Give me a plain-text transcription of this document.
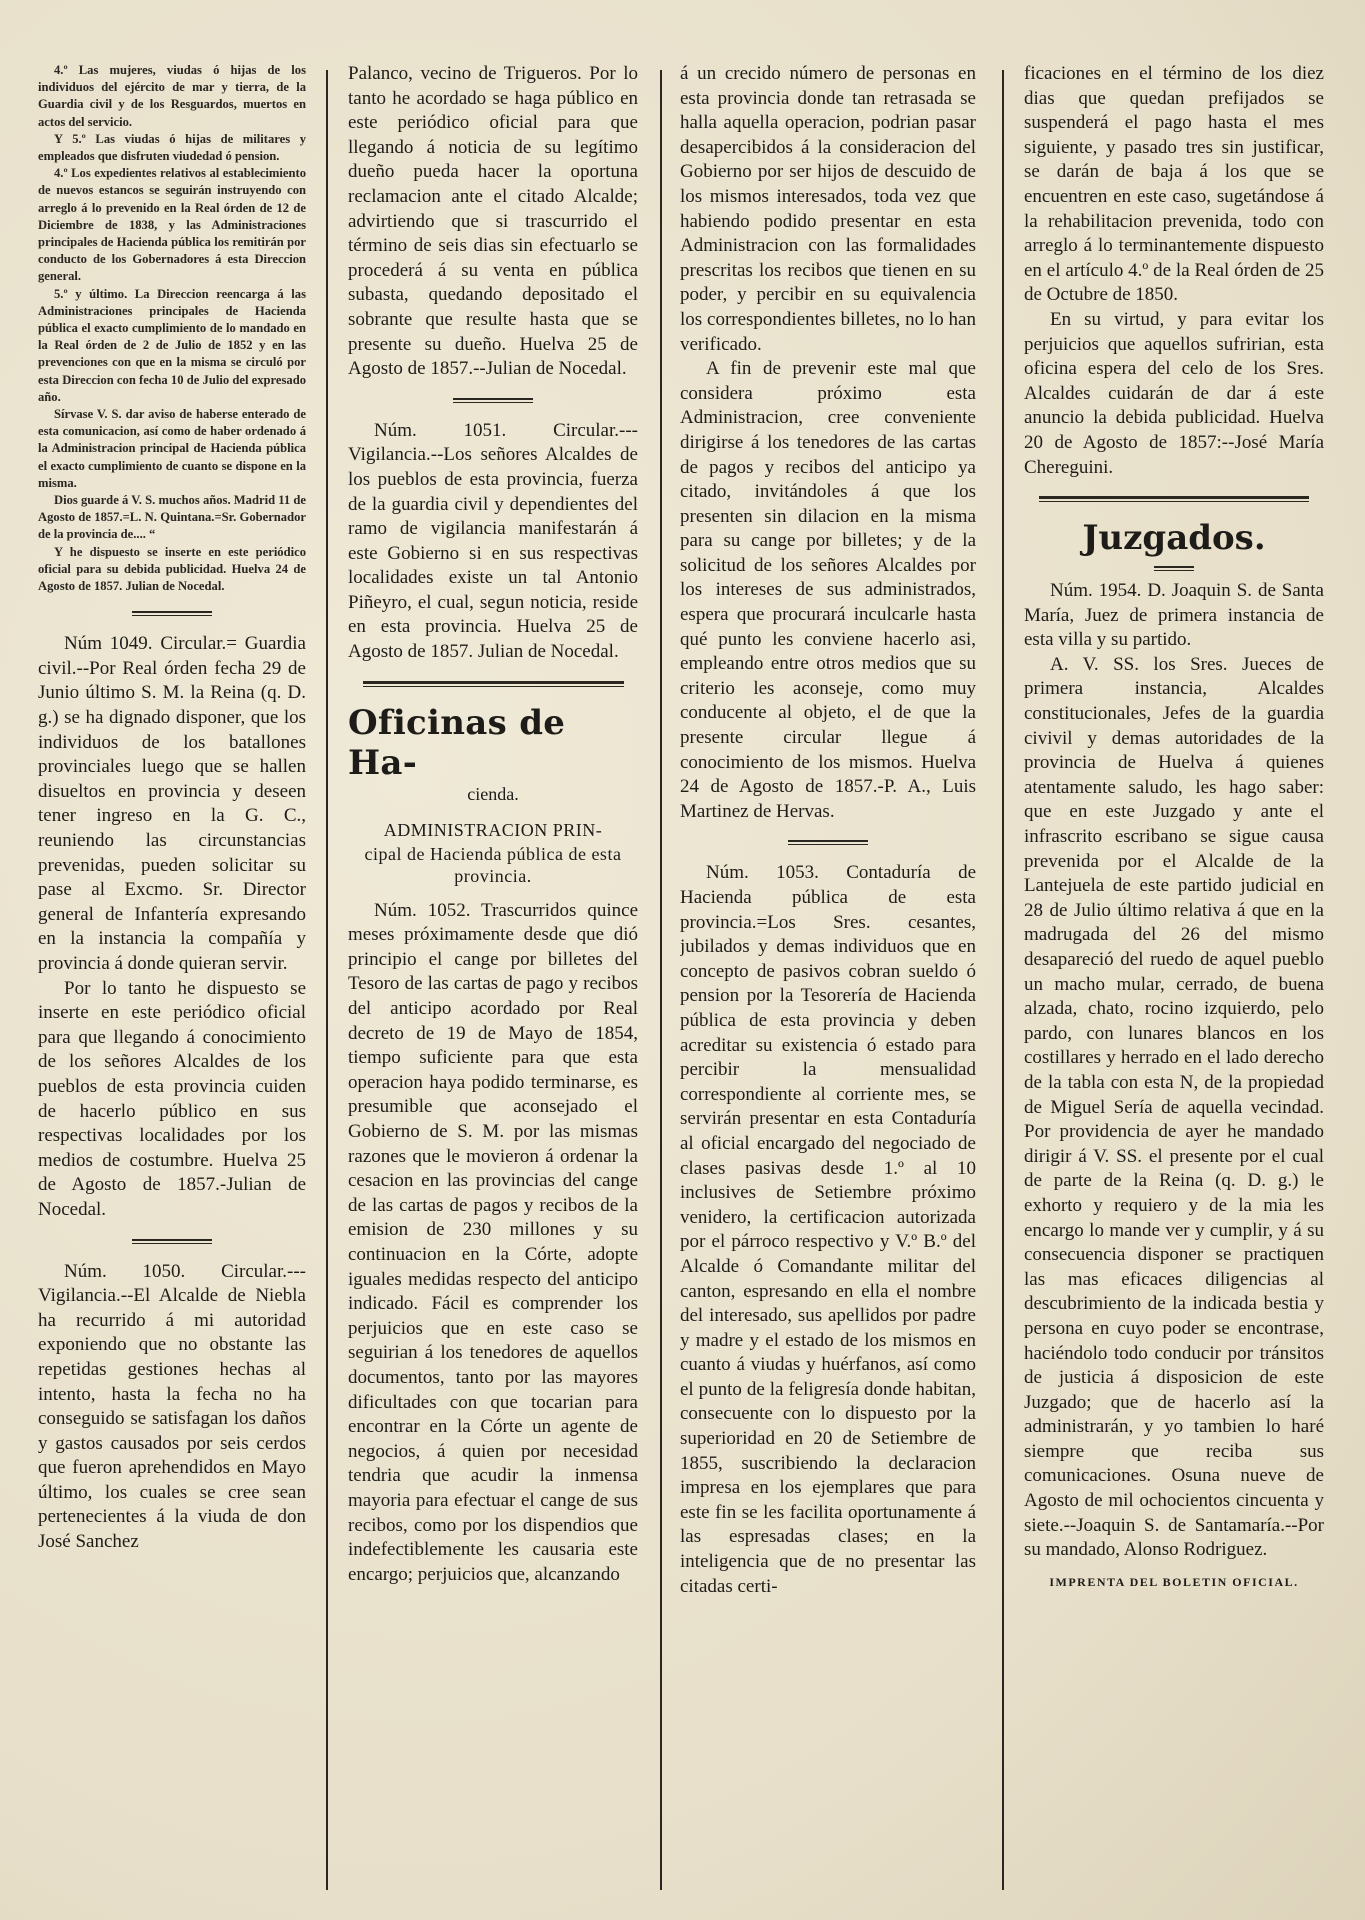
4.º Las mujeres, viudas ó hijas de los individuos del ejército de mar y tierra, de la Guardia civil y de los Resguardos, muertos en actos del servicio.

Y 5.º Las viudas ó hijas de militares y empleados que disfruten viudedad ó pension.

4.º Los expedientes relativos al establecimiento de nuevos estancos se seguirán instruyendo con arreglo á lo prevenido en la Real órden de 12 de Diciembre de 1838, y las Administraciones principales de Hacienda pública los remitirán por conducto de los Gobernadores á esta Direccion general.

5.º y último. La Direccion reencarga á las Administraciones principales de Hacienda pública el exacto cumplimiento de lo mandado en la Real órden de 2 de Julio de 1852 y en las prevenciones con que en la misma se circuló por esta Direccion con fecha 10 de Julio del expresado año.

Sírvase V. S. dar aviso de haberse enterado de esta comunicacion, así como de haber ordenado á la Administracion principal de Hacienda pública el exacto cumplimiento de cuanto se dispone en la misma.

Dios guarde á V. S. muchos años. Madrid 11 de Agosto de 1857.=L. N. Quintana.=Sr. Gobernador de la provincia de.... “

Y he dispuesto se inserte en este periódico oficial para su debida publicidad. Huelva 24 de Agosto de 1857. Julian de Nocedal.

Núm 1049. Circular.= Guardia civil.--Por Real órden fecha 29 de Junio último S. M. la Reina (q. D. g.) se ha dignado disponer, que los individuos de los batallones provinciales luego que se hallen disueltos en provincia y deseen tener ingreso en la G. C., reuniendo las circunstancias prevenidas, pueden solicitar su pase al Excmo. Sr. Director general de Infantería expresando en la instancia la compañía y provincia á donde quieran servir.

Por lo tanto he dispuesto se inserte en este periódico oficial para que llegando á conocimiento de los señores Alcaldes de los pueblos de esta provincia cuiden de hacerlo público en sus respectivas localidades por los medios de costumbre. Huelva 25 de Agosto de 1857.-Julian de Nocedal.

Núm. 1050. Circular.--- Vigilancia.--El Alcalde de Niebla ha recurrido á mi autoridad exponiendo que no obstante las repetidas gestiones hechas al intento, hasta la fecha no ha conseguido se satisfagan los daños y gastos causados por seis cerdos que fueron aprehendidos en Mayo último, los cuales se cree sean pertenecientes á la viuda de don José Sanchez

Palanco, vecino de Trigueros. Por lo tanto he acordado se haga público en este periódico oficial para que llegando á noticia de su legítimo dueño pueda hacer la oportuna reclamacion ante el citado Alcalde; advirtiendo que si trascurrido el término de seis dias sin efectuarlo se procederá á su venta en pública subasta, quedando depositado el sobrante que resulte hasta que se presente su dueño. Huelva 25 de Agosto de 1857.--Julian de Nocedal.

Núm. 1051. Circular.--- Vigilancia.--Los señores Alcaldes de los pueblos de esta provincia, fuerza de la guardia civil y dependientes del ramo de vigilancia manifestarán á este Gobierno si en sus respectivas localidades existe un tal Antonio Piñeyro, el cual, segun noticia, reside en esta provincia. Huelva 25 de Agosto de 1857. Julian de Nocedal.

Oficinas de Ha-
cienda.
ADMINISTRACION PRIN-
cipal de Hacienda pública de esta provincia.

Núm. 1052. Trascurridos quince meses próximamente desde que dió principio el cange por billetes del Tesoro de las cartas de pago y recibos del anticipo acordado por Real decreto de 19 de Mayo de 1854, tiempo suficiente para que esta operacion haya podido terminarse, es presumible que aconsejado el Gobierno de S. M. por las mismas razones que le movieron á ordenar la cesacion en las provincias del cange de las cartas de pagos y recibos de la emision de 230 millones y su continuacion en la Córte, adopte iguales medidas respecto del anticipo indicado. Fácil es comprender los perjuicios que en este caso se seguirian á los tenedores de aquellos documentos, tanto por las mayores dificultades con que tocarian para encontrar en la Córte un agente de negocios, á quien por necesidad tendria que acudir la inmensa mayoria para efectuar el cange de sus recibos, como por los dispendios que indefectiblemente les causaria este encargo; perjuicios que, alcanzando

á un crecido número de personas en esta provincia donde tan retrasada se halla aquella operacion, podrian pasar desapercibidos á la consideracion del Gobierno por ser hijos de descuido de los mismos interesados, toda vez que habiendo podido presentar en esta Administracion con las formalidades prescritas los recibos que tienen en su poder, y percibir en su equivalencia los correspondientes billetes, no lo han verificado.

A fin de prevenir este mal que considera próximo esta Administracion, cree conveniente dirigirse á los tenedores de las cartas de pagos y recibos del anticipo ya citado, invitándoles á que los presenten sin dilacion en la misma para su cange por billetes; y de la solicitud de los señores Alcaldes por los intereses de sus administrados, espera que procurará inculcarle hasta qué punto les conviene hacerlo asi, empleando entre otros medios que su criterio les aconseje, como muy conducente al objeto, el de que la presente circular llegue á conocimiento de los mismos. Huelva 24 de Agosto de 1857.-P. A., Luis Martinez de Hervas.

Núm. 1053. Contaduría de Hacienda pública de esta provincia.=Los Sres. cesantes, jubilados y demas individuos que en concepto de pasivos cobran sueldo ó pension por la Tesorería de Hacienda pública de esta provincia y deben acreditar su existencia ó estado para percibir la mensualidad correspondiente al corriente mes, se servirán presentar en esta Contaduría al oficial encargado del negociado de clases pasivas desde 1.º al 10 inclusives de Setiembre próximo venidero, la certificacion autorizada por el párroco respectivo y V.º B.º del Alcalde ó Comandante militar del canton, espresando en ella el nombre del interesado, sus apellidos por padre y madre y el estado de los mismos en cuanto á viudas y huérfanos, así como el punto de la feligresía donde habitan, consecuente con lo dispuesto por la superioridad en 20 de Setiembre de 1855, suscribiendo la declaracion impresa en los ejemplares que para este fin se les facilita oportunamente á las espresadas clases; en la inteligencia que de no presentar las citadas certi-

ficaciones en el término de los diez dias que quedan prefijados se suspenderá el pago hasta el mes siguiente, y pasado tres sin justificar, se darán de baja á los que se encuentren en este caso, sugetándose á la rehabilitacion prevenida, todo con arreglo á lo terminantemente dispuesto en el artículo 4.º de la Real órden de 25 de Octubre de 1850.

En su virtud, y para evitar los perjuicios que aquellos sufririan, esta oficina espera del celo de los Sres. Alcaldes cuidarán de dar á este anuncio la debida publicidad. Huelva 20 de Agosto de 1857:--José María Chereguini.

Juzgados.

Núm. 1954. D. Joaquin S. de Santa María, Juez de primera instancia de esta villa y su partido.

A. V. SS. los Sres. Jueces de primera instancia, Alcaldes constitucionales, Jefes de la guardia civivil y demas autoridades de la provincia de Huelva á quienes atentamente saludo, les hago saber: que en este Juzgado y ante el infrascrito escribano se sigue causa prevenida por el Alcalde de la Lantejuela de este partido judicial en 28 de Julio último relativa á que en la madrugada del 26 del mismo desapareció del ruedo de aquel pueblo un macho mular, cerrado, de buena alzada, chato, rocino izquierdo, pelo pardo, con lunares blancos en los costillares y herrado en el lado derecho de la tabla con esta N, de la propiedad de Miguel Sería de aquella vecindad. Por providencia de ayer he mandado dirigir á V. SS. el presente por el cual de parte de la Reina (q. D. g.) le exhorto y requiero y de la mia les encargo lo mande ver y cumplir, y á su consecuencia disponer se practiquen las mas eficaces diligencias al descubrimiento de la indicada bestia y persona en cuyo poder se encontrase, haciéndolo todo conducir por tránsitos de justicia á disposicion de este Juzgado; que de hacerlo así la administrarán, y yo tambien lo haré siempre que reciba sus comunicaciones. Osuna nueve de Agosto de mil ochocientos cincuenta y siete.--Joaquin S. de Santamaría.--Por su mandado, Alonso Rodriguez.

IMPRENTA DEL BOLETIN OFICIAL.
